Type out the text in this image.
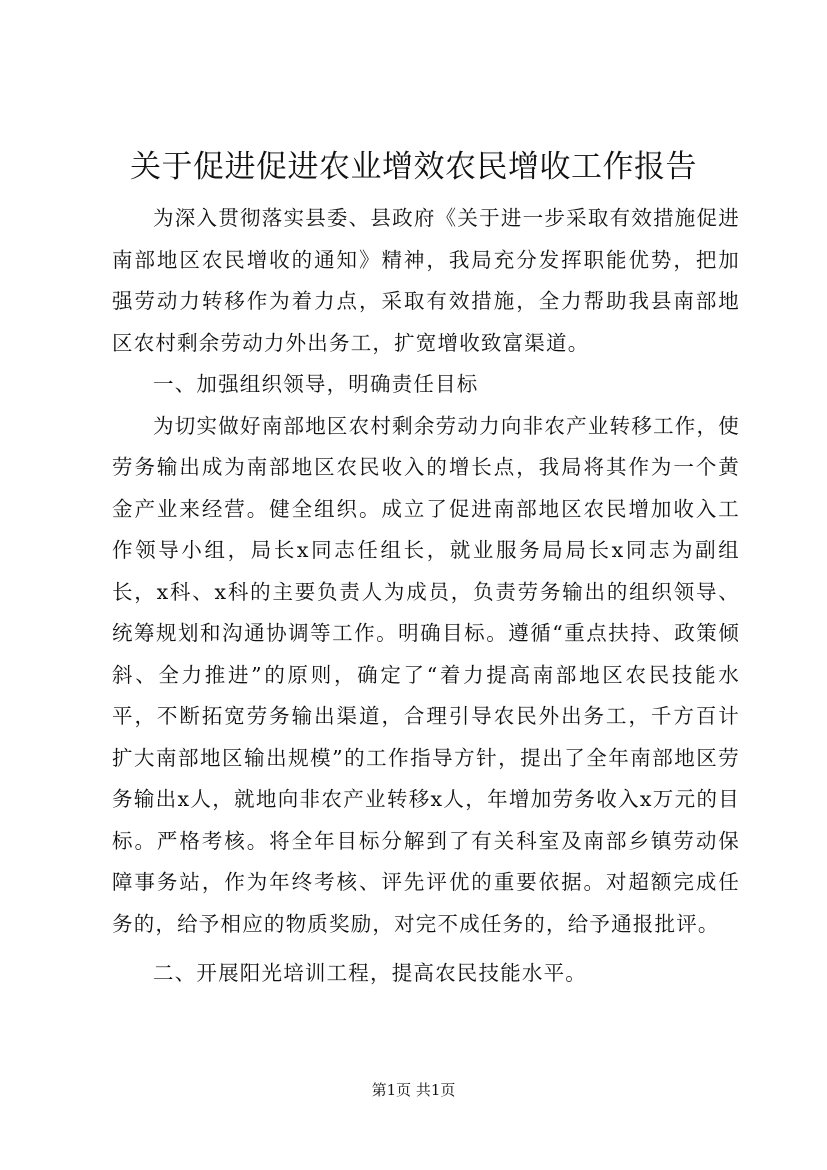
关于促进促进农业增效农民增收工作报告

为深入贯彻落实县委、县政府《关于进一步采取有效措施促进南部地区农民增收的通知》精神，我局充分发挥职能优势，把加强劳动力转移作为着力点，采取有效措施，全力帮助我县南部地区农村剩余劳动力外出务工，扩宽增收致富渠道。

一、加强组织领导，明确责任目标

为切实做好南部地区农村剩余劳动力向非农产业转移工作，使劳务输出成为南部地区农民收入的增长点，我局将其作为一个黄金产业来经营。健全组织。成立了促进南部地区农民增加收入工作领导小组，局长x同志任组长，就业服务局局长x同志为副组长，x科、x科的主要负责人为成员，负责劳务输出的组织领导、统筹规划和沟通协调等工作。明确目标。遵循“重点扶持、政策倾斜、全力推进”的原则，确定了“着力提高南部地区农民技能水平，不断拓宽劳务输出渠道，合理引导农民外出务工，千方百计扩大南部地区输出规模”的工作指导方针，提出了全年南部地区劳务输出x人，就地向非农产业转移x人，年增加劳务收入x万元的目标。严格考核。将全年目标分解到了有关科室及南部乡镇劳动保障事务站，作为年终考核、评先评优的重要依据。对超额完成任务的，给予相应的物质奖励，对完不成任务的，给予通报批评。

二、开展阳光培训工程，提高农民技能水平。

第1页 共1页
